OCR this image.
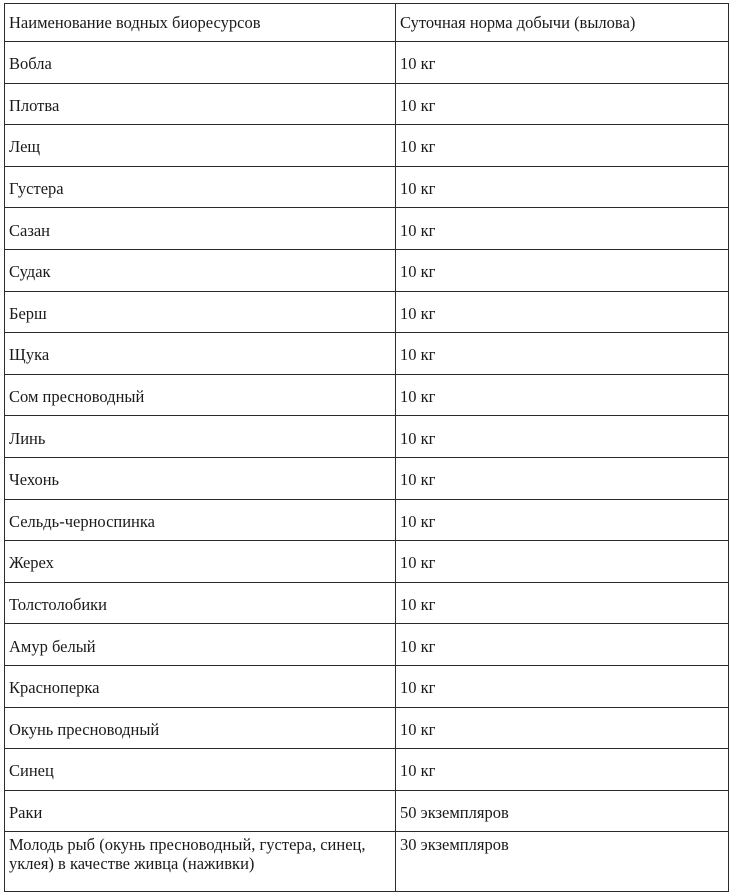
Наименование водных биоресурсов	Суточная норма добычи (вылова)
Вобла	10 кг
Плотва	10 кг
Лещ	10 кг
Густера	10 кг
Сазан	10 кг
Судак	10 кг
Берш	10 кг
Щука	10 кг
Сом пресноводный	10 кг
Линь	10 кг
Чехонь	10 кг
Сельдь-черноспинка	10 кг
Жерех	10 кг
Толстолобики	10 кг
Амур белый	10 кг
Красноперка	10 кг
Окунь пресноводный	10 кг
Синец	10 кг
Раки	50 экземпляров
Молодь рыб (окунь пресноводный, густера, синец, уклея) в качестве живца (наживки)	30 экземпляров
